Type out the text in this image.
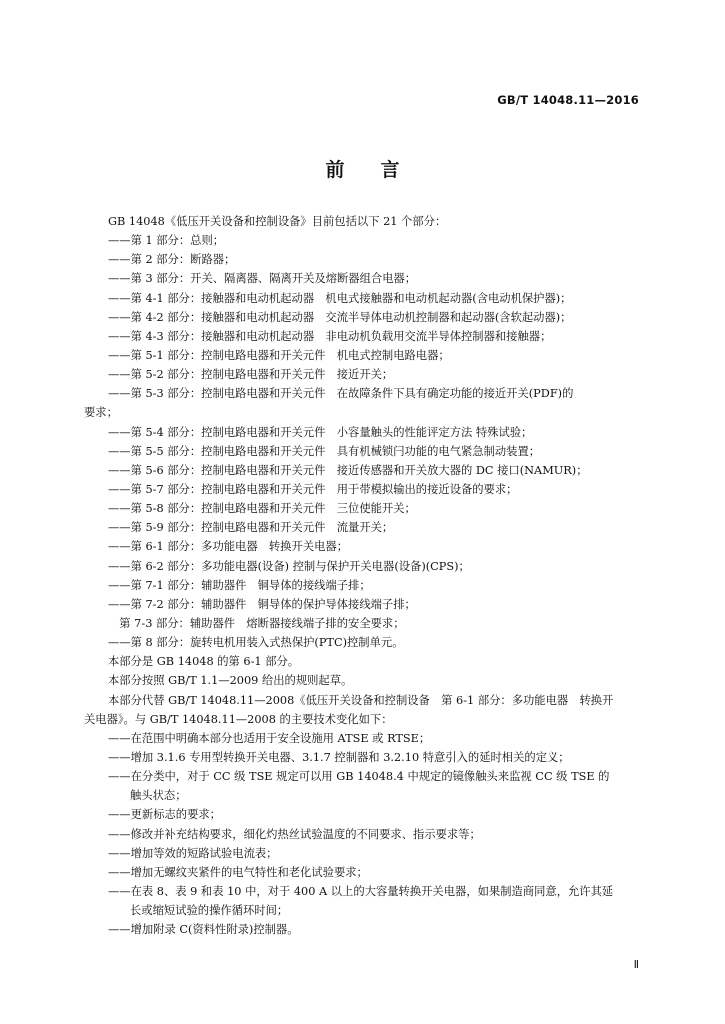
GB/T 14048.11—2016
前 言
GB 14048《低压开关设备和控制设备》目前包括以下 21 个部分：
——第 1 部分：总则；
——第 2 部分：断路器；
——第 3 部分：开关、隔离器、隔离开关及熔断器组合电器；
——第 4-1 部分：接触器和电动机起动器　机电式接触器和电动机起动器(含电动机保护器)；
——第 4-2 部分：接触器和电动机起动器　交流半导体电动机控制器和起动器(含软起动器)；
——第 4-3 部分：接触器和电动机起动器　非电动机负载用交流半导体控制器和接触器；
——第 5-1 部分：控制电路电器和开关元件　机电式控制电路电器；
——第 5-2 部分：控制电路电器和开关元件　接近开关；
——第 5-3 部分：控制电路电器和开关元件　在故障条件下具有确定功能的接近开关(PDF)的
要求；
——第 5-4 部分：控制电路电器和开关元件　小容量触头的性能评定方法 特殊试验；
——第 5-5 部分：控制电路电器和开关元件　具有机械锁闩功能的电气紧急制动装置；
——第 5-6 部分：控制电路电器和开关元件　接近传感器和开关放大器的 DC 接口(NAMUR)；
——第 5-7 部分：控制电路电器和开关元件　用于带模拟输出的接近设备的要求；
——第 5-8 部分：控制电路电器和开关元件　三位使能开关；
——第 5-9 部分：控制电路电器和开关元件　流量开关；
——第 6-1 部分：多功能电器　转换开关电器；
——第 6-2 部分：多功能电器(设备) 控制与保护开关电器(设备)(CPS)；
——第 7-1 部分：辅助器件　铜导体的接线端子排；
——第 7-2 部分：辅助器件　铜导体的保护导体接线端子排；
　第 7-3 部分：辅助器件　熔断器接线端子排的安全要求；
——第 8 部分：旋转电机用装入式热保护(PTC)控制单元。
本部分是 GB 14048 的第 6-1 部分。
本部分按照 GB/T 1.1—2009 给出的规则起草。
本部分代替 GB/T 14048.11—2008《低压开关设备和控制设备　第 6-1 部分：多功能电器　转换开
关电器》。与 GB/T 14048.11—2008 的主要技术变化如下：
——在范围中明确本部分也适用于安全设施用 ATSE 或 RTSE；
——增加 3.1.6 专用型转换开关电器、3.1.7 控制器和 3.2.10 特意引入的延时相关的定义；
——在分类中，对于 CC 级 TSE 规定可以用 GB 14048.4 中规定的镜像触头来监视 CC 级 TSE 的
触头状态；
——更新标志的要求；
——修改并补充结构要求，细化灼热丝试验温度的不同要求、指示要求等；
——增加等效的短路试验电流表；
——增加无螺纹夹紧件的电气特性和老化试验要求；
——在表 8、表 9 和表 10 中，对于 400 A 以上的大容量转换开关电器，如果制造商同意，允许其延
长或缩短试验的操作循环时间；
——增加附录 C(资料性附录)控制器。
Ⅱ
